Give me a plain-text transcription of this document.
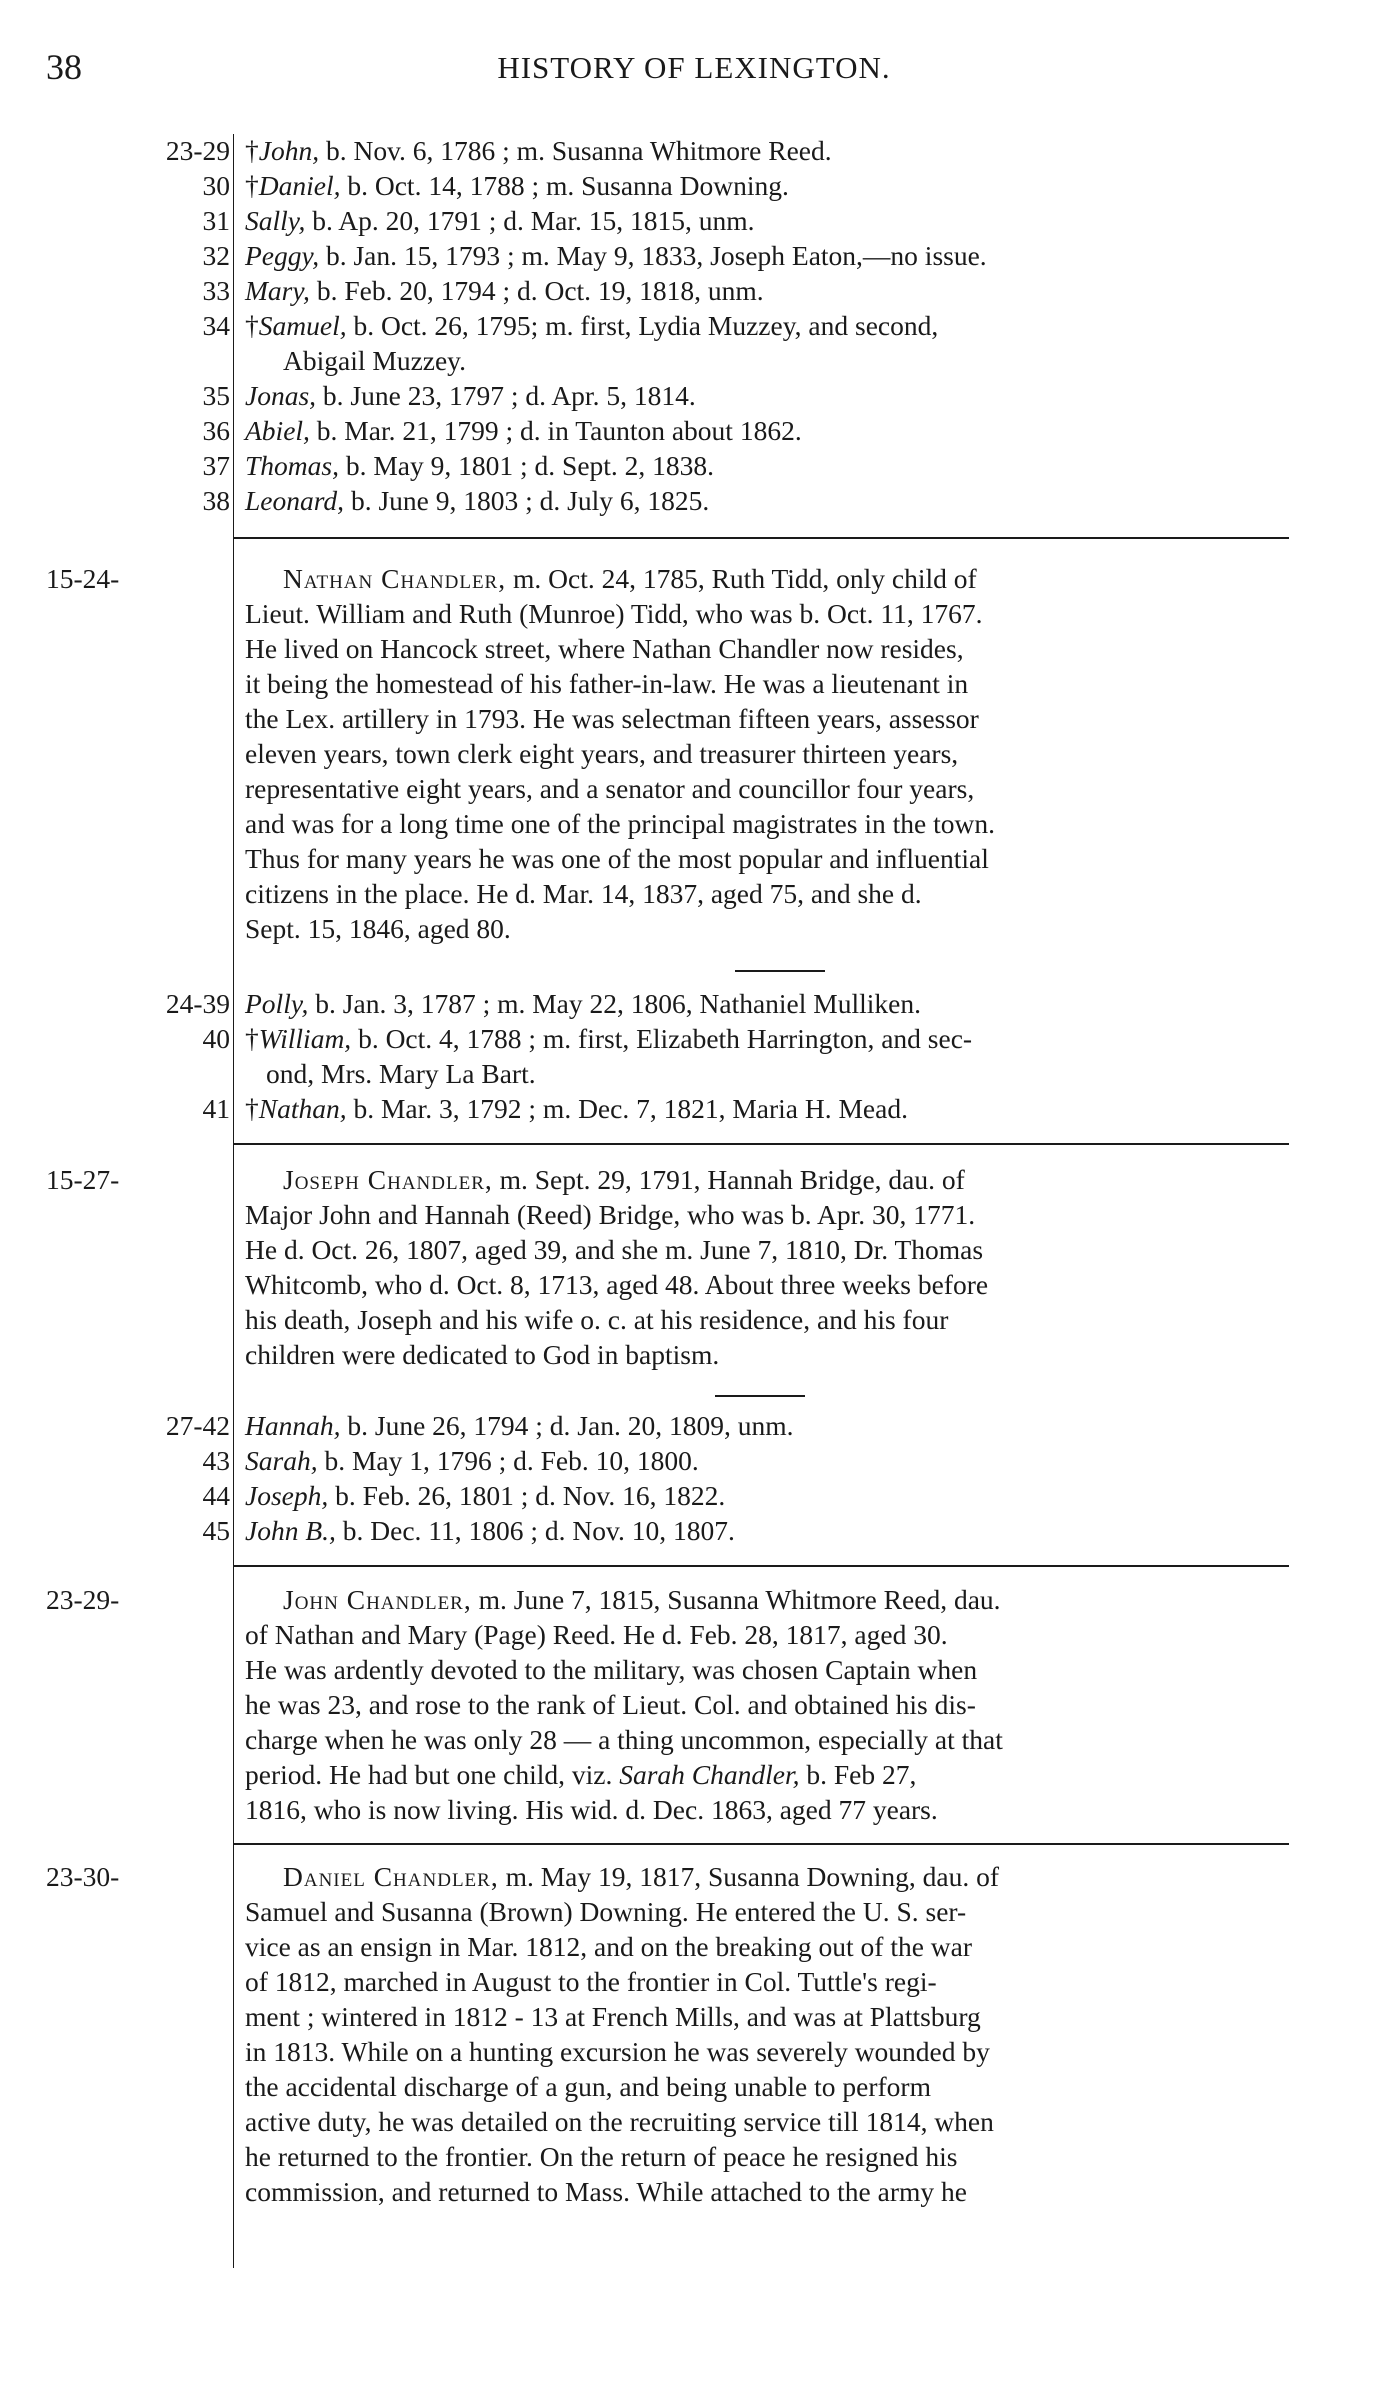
38	HISTORY OF LEXINGTON.
23-29 †John, b. Nov. 6, 1786 ; m. Susanna Whitmore Reed.
30 †Daniel, b. Oct. 14, 1788 ; m. Susanna Downing.
31 Sally, b. Ap. 20, 1791 ; d. Mar. 15, 1815, unm.
32 Peggy, b. Jan. 15, 1793 ; m. May 9, 1833, Joseph Eaton,—no issue.
33 Mary, b. Feb. 20, 1794 ; d. Oct. 19, 1818, unm.
34 †Samuel, b. Oct. 26, 1795; m. first, Lydia Muzzey, and second,
Abigail Muzzey.
35 Jonas, b. June 23, 1797 ; d. Apr. 5, 1814.
36 Abiel, b. Mar. 21, 1799 ; d. in Taunton about 1862.
37 Thomas, b. May 9, 1801 ; d. Sept. 2, 1838.
38 Leonard, b. June 9, 1803 ; d. July 6, 1825.
15-24-	Nathan Chandler, m. Oct. 24, 1785, Ruth Tidd, only child of
Lieut. William and Ruth (Munroe) Tidd, who was b. Oct. 11, 1767.
He lived on Hancock street, where Nathan Chandler now resides,
it being the homestead of his father-in-law. He was a lieutenant in
the Lex. artillery in 1793. He was selectman fifteen years, assessor
eleven years, town clerk eight years, and treasurer thirteen years,
representative eight years, and a senator and councillor four years,
and was for a long time one of the principal magistrates in the town.
Thus for many years he was one of the most popular and influential
citizens in the place. He d. Mar. 14, 1837, aged 75, and she d.
Sept. 15, 1846, aged 80.
24-39 Polly, b. Jan. 3, 1787 ; m. May 22, 1806, Nathaniel Mulliken.
40 †William, b. Oct. 4, 1788 ; m. first, Elizabeth Harrington, and sec-
ond, Mrs. Mary La Bart.
41 †Nathan, b. Mar. 3, 1792 ; m. Dec. 7, 1821, Maria H. Mead.
15-27-	Joseph Chandler, m. Sept. 29, 1791, Hannah Bridge, dau. of
Major John and Hannah (Reed) Bridge, who was b. Apr. 30, 1771.
He d. Oct. 26, 1807, aged 39, and she m. June 7, 1810, Dr. Thomas
Whitcomb, who d. Oct. 8, 1713, aged 48. About three weeks before
his death, Joseph and his wife o. c. at his residence, and his four
children were dedicated to God in baptism.
27-42 Hannah, b. June 26, 1794 ; d. Jan. 20, 1809, unm.
43 Sarah, b. May 1, 1796 ; d. Feb. 10, 1800.
44 Joseph, b. Feb. 26, 1801 ; d. Nov. 16, 1822.
45 John B., b. Dec. 11, 1806 ; d. Nov. 10, 1807.
23-29-	John Chandler, m. June 7, 1815, Susanna Whitmore Reed, dau.
of Nathan and Mary (Page) Reed. He d. Feb. 28, 1817, aged 30.
He was ardently devoted to the military, was chosen Captain when
he was 23, and rose to the rank of Lieut. Col. and obtained his dis-
charge when he was only 28 — a thing uncommon, especially at that
period. He had but one child, viz. Sarah Chandler, b. Feb 27,
1816, who is now living. His wid. d. Dec. 1863, aged 77 years.
23-30-	Daniel Chandler, m. May 19, 1817, Susanna Downing, dau. of
Samuel and Susanna (Brown) Downing. He entered the U. S. ser-
vice as an ensign in Mar. 1812, and on the breaking out of the war
of 1812, marched in August to the frontier in Col. Tuttle's regi-
ment ; wintered in 1812 - 13 at French Mills, and was at Plattsburg
in 1813. While on a hunting excursion he was severely wounded by
the accidental discharge of a gun, and being unable to perform
active duty, he was detailed on the recruiting service till 1814, when
he returned to the frontier. On the return of peace he resigned his
commission, and returned to Mass. While attached to the army he
